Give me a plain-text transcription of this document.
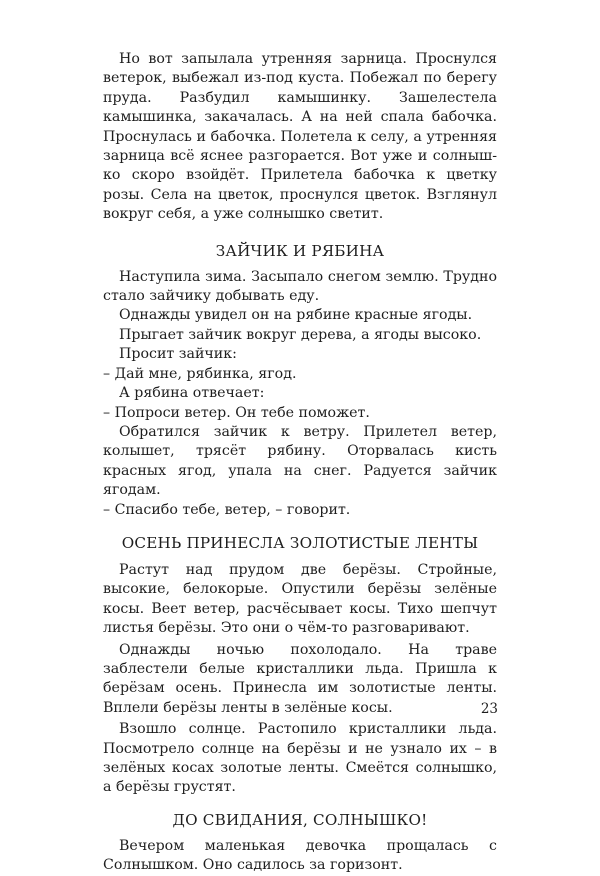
Но вот запылала утренняя зарница. Проснулся ветерок, выбежал из-под куста. Побежал по берегу пруда. Разбудил камышинку. Зашелестела камышинка, закачалась. А на ней спала бабочка. Проснулась и бабочка. Полетела к селу, а утренняя зарница всё яснее разгорается. Вот уже и солнышко скоро взойдёт. Прилетела бабочка к цветку розы. Села на цветок, проснулся цветок. Взглянул вокруг себя, а уже солнышко светит.

ЗАЙЧИК И РЯБИНА

Наступила зима. Засыпало снегом землю. Трудно стало зайчику добывать еду.

Однажды увидел он на рябине красные ягоды.

Прыгает зайчик вокруг дерева, а ягоды высоко.

Просит зайчик:

– Дай мне, рябинка, ягод.

А рябина отвечает:

– Попроси ветер. Он тебе поможет.

Обратился зайчик к ветру. Прилетел ветер, колышет, трясёт рябину. Оторвалась кисть красных ягод, упала на снег. Радуется зайчик ягодам.

– Спасибо тебе, ветер, – говорит.

ОСЕНЬ ПРИНЕСЛА ЗОЛОТИСТЫЕ ЛЕНТЫ

Растут над прудом две берёзы. Стройные, высокие, белокорые. Опустили берёзы зелёные косы. Веет ветер, расчёсывает косы. Тихо шепчут листья берёзы. Это они о чём-то разговаривают.

Однажды ночью похолодало. На траве заблестели белые кристаллики льда. Пришла к берёзам осень. Принесла им золотистые ленты. Вплели берёзы ленты в зелёные косы.

Взошло солнце. Растопило кристаллики льда. Посмотрело солнце на берёзы и не узнало их – в зелёных косах золотые ленты. Смеётся солнышко, а берёзы грустят.

ДО СВИДАНИЯ, СОЛНЫШКО!

Вечером маленькая девочка прощалась с Солнышком. Оно садилось за горизонт.

23
